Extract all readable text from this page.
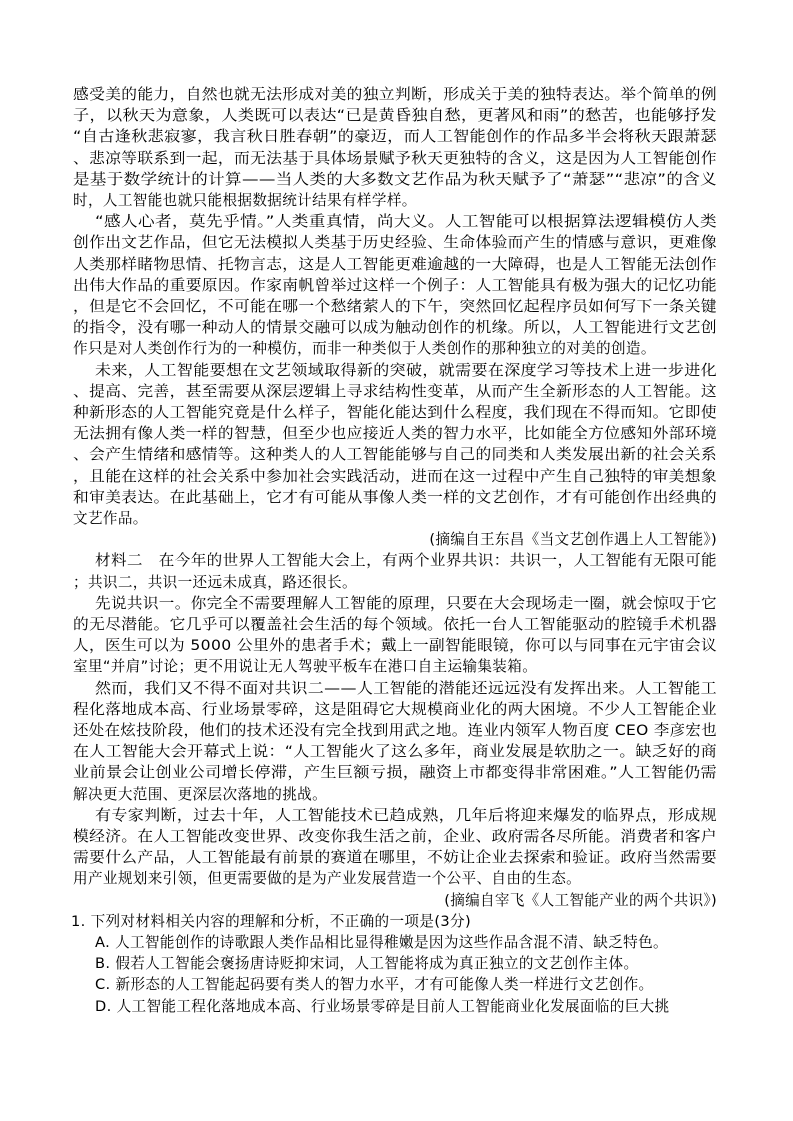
感受美的能力，自然也就无法形成对美的独立判断，形成关于美的独特表达。举个简单的例
子，以秋天为意象，人类既可以表达“已是黄昏独自愁，更著风和雨”的愁苦，也能够抒发
“自古逢秋悲寂寥，我言秋日胜春朝”的豪迈，而人工智能创作的作品多半会将秋天跟萧瑟
、悲凉等联系到一起，而无法基于具体场景赋予秋天更独特的含义，这是因为人工智能创作
是基于数学统计的计算——当人类的大多数文艺作品为秋天赋予了“萧瑟”“悲凉”的含义
时，人工智能也就只能根据数据统计结果有样学样。
“感人心者，莫先乎情。”人类重真情，尚大义。人工智能可以根据算法逻辑模仿人类
创作出文艺作品，但它无法模拟人类基于历史经验、生命体验而产生的情感与意识，更难像
人类那样睹物思情、托物言志，这是人工智能更难逾越的一大障碍，也是人工智能无法创作
出伟大作品的重要原因。作家南帆曾举过这样一个例子：人工智能具有极为强大的记忆功能
，但是它不会回忆，不可能在哪一个愁绪萦人的下午，突然回忆起程序员如何写下一条关键
的指令，没有哪一种动人的情景交融可以成为触动创作的机缘。所以，人工智能进行文艺创
作只是对人类创作行为的一种模仿，而非一种类似于人类创作的那种独立的对美的创造。
未来，人工智能要想在文艺领域取得新的突破，就需要在深度学习等技术上进一步进化
、提高、完善，甚至需要从深层逻辑上寻求结构性变革，从而产生全新形态的人工智能。这
种新形态的人工智能究竟是什么样子，智能化能达到什么程度，我们现在不得而知。它即使
无法拥有像人类一样的智慧，但至少也应接近人类的智力水平，比如能全方位感知外部环境
、会产生情绪和感情等。这种类人的人工智能能够与自己的同类和人类发展出新的社会关系
，且能在这样的社会关系中参加社会实践活动，进而在这一过程中产生自己独特的审美想象
和审美表达。在此基础上，它才有可能从事像人类一样的文艺创作，才有可能创作出经典的
文艺作品。
(摘编自王东昌《当文艺创作遇上人工智能》)
材料二　在今年的世界人工智能大会上，有两个业界共识：共识一，人工智能有无限可能
；共识二，共识一还远未成真，路还很长。
先说共识一。你完全不需要理解人工智能的原理，只要在大会现场走一圈，就会惊叹于它
的无尽潜能。它几乎可以覆盖社会生活的每个领域。依托一台人工智能驱动的腔镜手术机器
人，医生可以为 5000 公里外的患者手术；戴上一副智能眼镜，你可以与同事在元宇宙会议
室里“并肩”讨论；更不用说让无人驾驶平板车在港口自主运输集装箱。
然而，我们又不得不面对共识二——人工智能的潜能还远远没有发挥出来。人工智能工
程化落地成本高、行业场景零碎，这是阻碍它大规模商业化的两大困境。不少人工智能企业
还处在炫技阶段，他们的技术还没有完全找到用武之地。连业内领军人物百度 CEO 李彦宏也
在人工智能大会开幕式上说：“人工智能火了这么多年，商业发展是软肋之一。缺乏好的商
业前景会让创业公司增长停滞，产生巨额亏损，融资上市都变得非常困难。”人工智能仍需
解决更大范围、更深层次落地的挑战。
有专家判断，过去十年，人工智能技术已趋成熟，几年后将迎来爆发的临界点，形成规
模经济。在人工智能改变世界、改变你我生活之前，企业、政府需各尽所能。消费者和客户
需要什么产品，人工智能最有前景的赛道在哪里，不妨让企业去探索和验证。政府当然需要
用产业规划来引领，但更需要做的是为产业发展营造一个公平、自由的生态。
(摘编自宰飞《人工智能产业的两个共识》)
1. 下列对材料相关内容的理解和分析，不正确的一项是(3分)
A. 人工智能创作的诗歌跟人类作品相比显得稚嫩是因为这些作品含混不清、缺乏特色。
B. 假若人工智能会褒扬唐诗贬抑宋词，人工智能将成为真正独立的文艺创作主体。
C. 新形态的人工智能起码要有类人的智力水平，才有可能像人类一样进行文艺创作。
D. 人工智能工程化落地成本高、行业场景零碎是目前人工智能商业化发展面临的巨大挑
